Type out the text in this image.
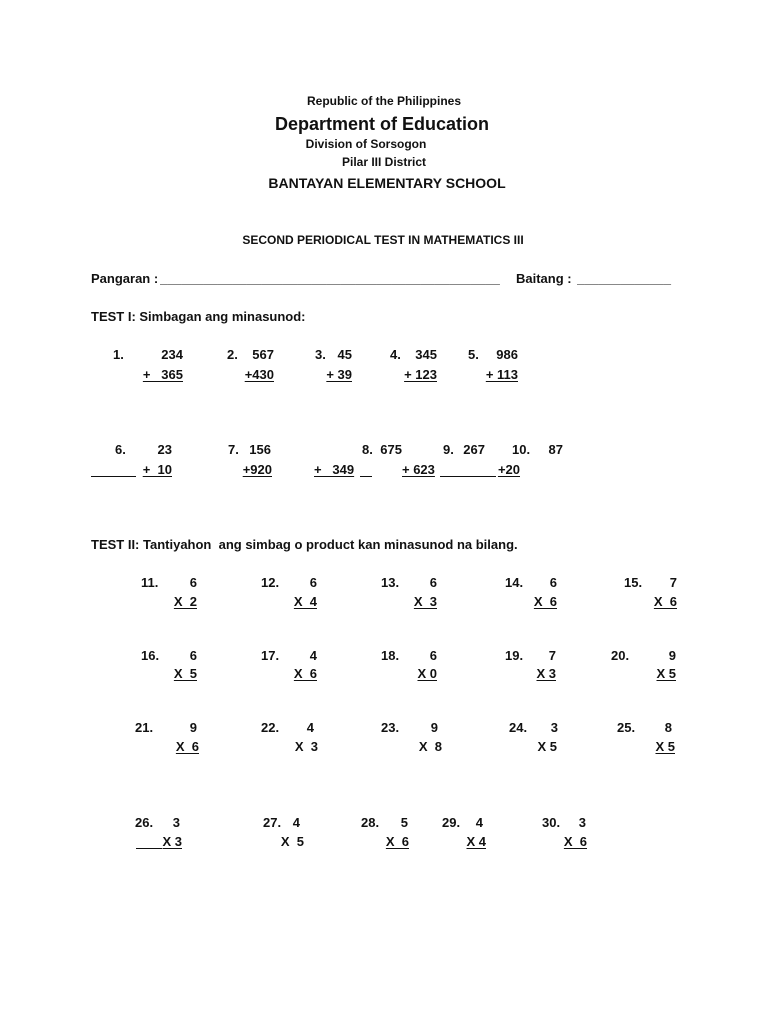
Republic of the Philippines
Department of Education
Division of Sorsogon
Pilar III District
BANTAYAN ELEMENTARY SCHOOL
SECOND PERIODICAL TEST IN MATHEMATICS III
Pangaran : _______________________________________________	Baitang : _____________
TEST I: Simbagan ang minasunod:
1.	234
+   365
2. 567
+430
3. 45
+ 39
4. 345
+ 123
5. 986
+ 113
6. 23
+  10
7. 156
+920
8. 675
+   349
9. 267
+ 623
10. 87
+20
TEST II: Tantiyahon  ang simbag o product kan minasunod na bilang.
11. 6
X  2
12. 6
X  4
13. 6
X  3
14. 6
X  6
15. 7
X  6
16. 6
X  5
17. 4
X  6
18. 6
X 0
19. 7
X 3
20.	9
X 5
21.	9
X  6
22. 4
X  3
23. 9
X  8
24. 3
X 5
25. 8
X 5
26. 3
X 3
27. 4
X  5
28. 5
X  6
29. 4
X 4
30. 3
X  6
